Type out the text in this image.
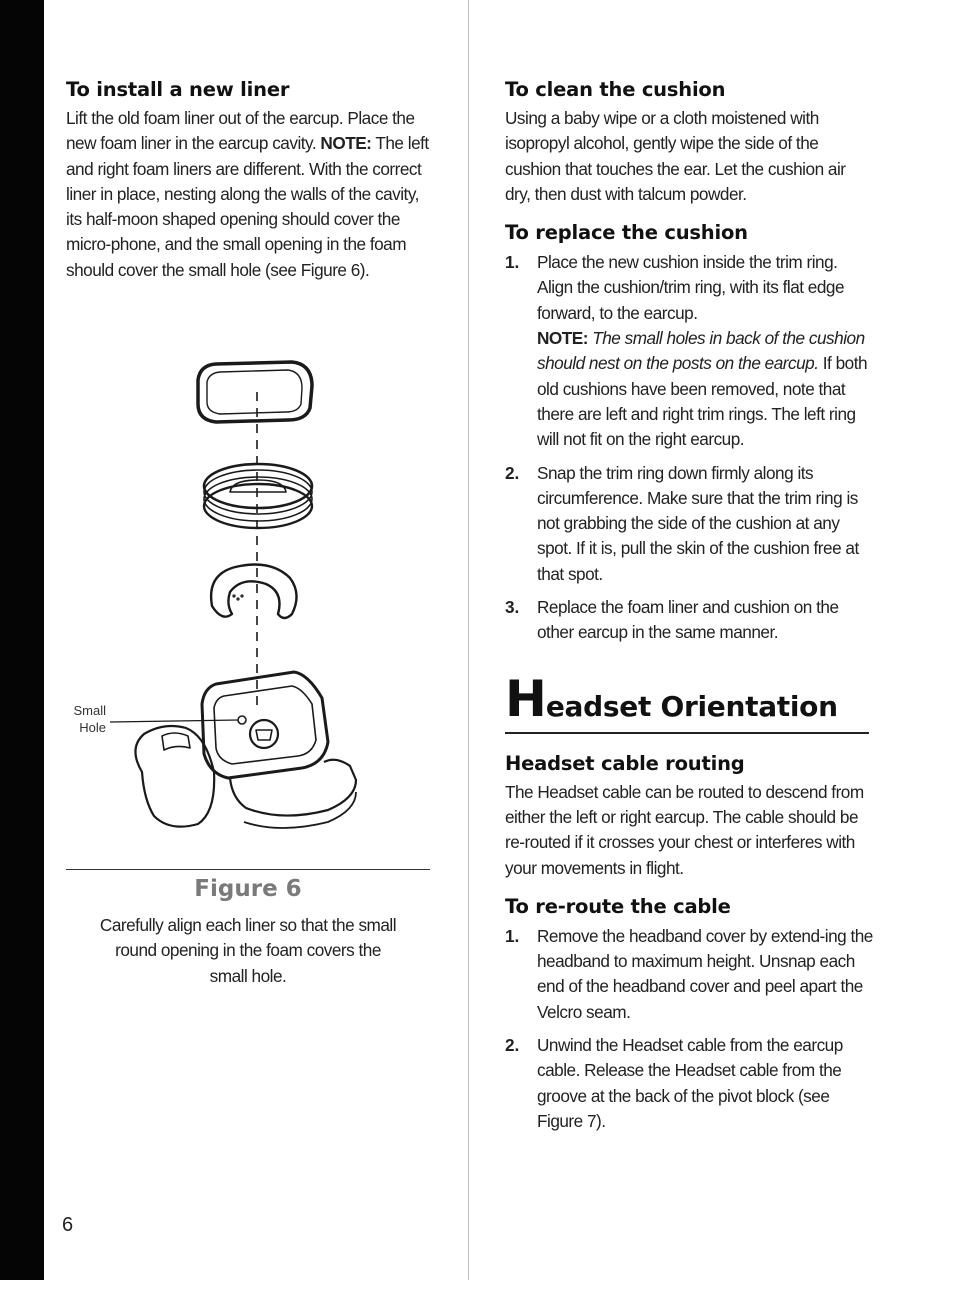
To install a new liner

Lift the old foam liner out of the earcup. Place the new foam liner in the earcup cavity. NOTE: The left and right foam liners are different. With the correct liner in place, nesting along the walls of the cavity, its half-moon shaped opening should cover the micro-phone, and the small opening in the foam should cover the small hole (see Figure 6).

Small Hole
Figure 6

Carefully align each liner so that the small round opening in the foam covers the small hole.

6
To clean the cushion

Using a baby wipe or a cloth moistened with isopropyl alcohol, gently wipe the side of the cushion that touches the ear. Let the cushion air dry, then dust with talcum powder.

To replace the cushion
1.	Place the new cushion inside the trim ring. Align the cushion/trim ring, with its flat edge forward, to the earcup.
NOTE: The small holes in back of the cushion should nest on the posts on the earcup. If both old cushions have been removed, note that there are left and right trim rings. The left ring will not fit on the right earcup.
2.	Snap the trim ring down firmly along its circumference. Make sure that the trim ring is not grabbing the side of the cushion at any spot. If it is, pull the skin of the cushion free at that spot.
3.	Replace the foam liner and cushion on the other earcup in the same manner.
Headset Orientation
Headset cable routing

The Headset cable can be routed to descend from either the left or right earcup. The cable should be re-routed if it crosses your chest or interferes with your movements in flight.

To re-route the cable
1.	Remove the headband cover by extend-ing the headband to maximum height. Unsnap each end of the headband cover and peel apart the Velcro seam.
2.	Unwind the Headset cable from the earcup cable. Release the Headset cable from the groove at the back of the pivot block (see Figure 7).
